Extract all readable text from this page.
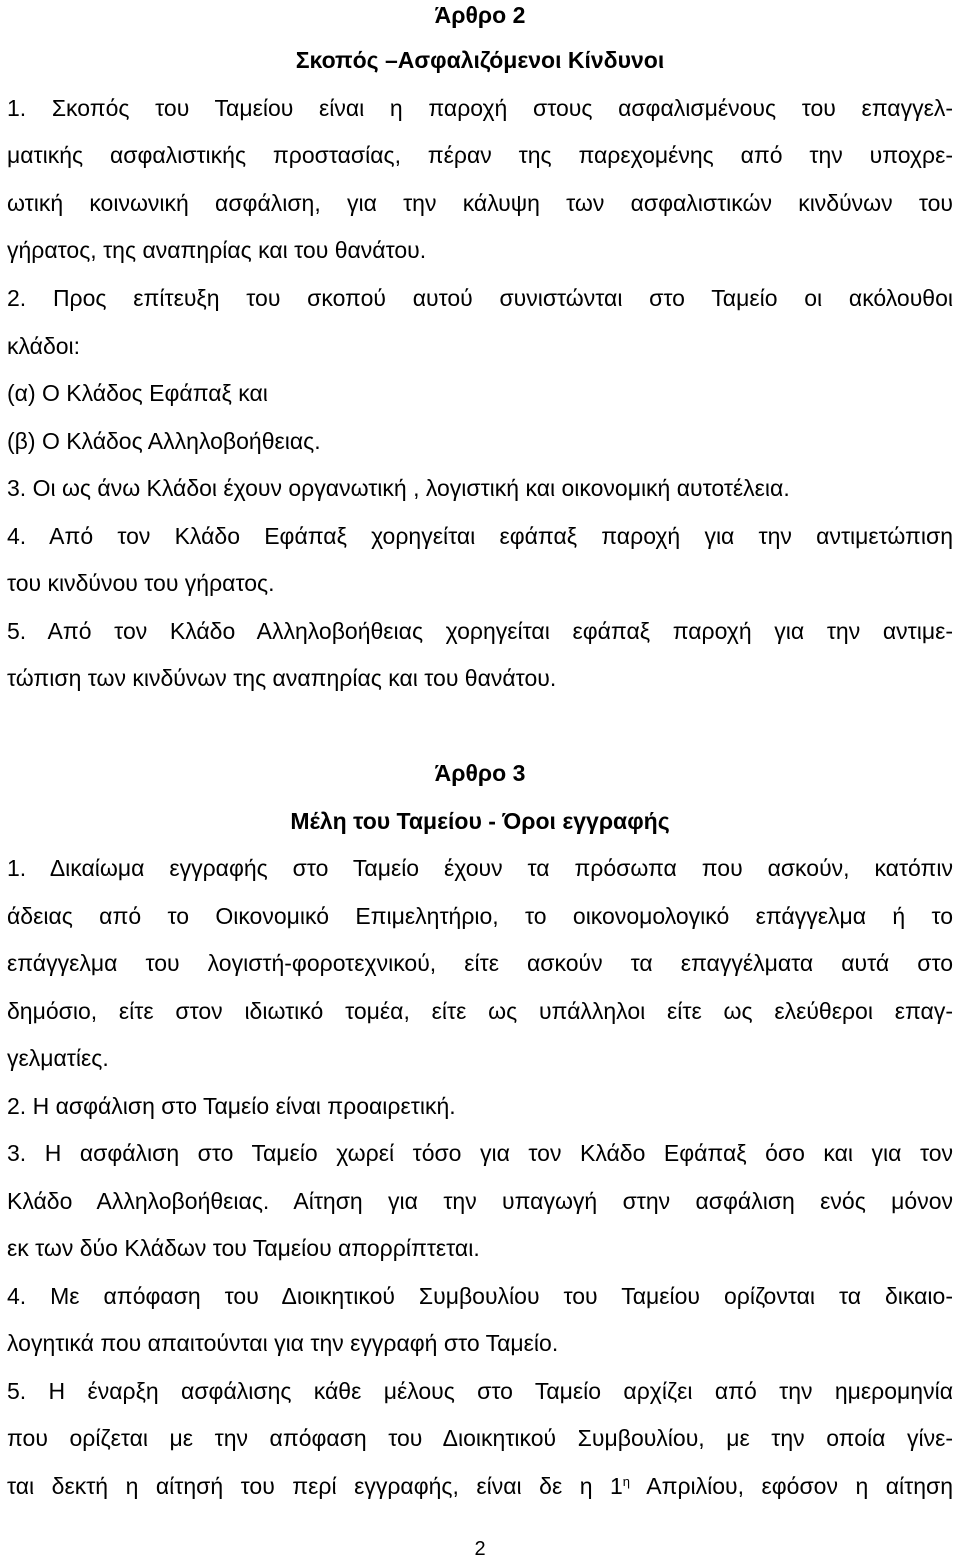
Άρθρο 2
Σκοπός –Ασφαλιζόμενοι Κίνδυνοι
1. Σκοπός του Ταμείου είναι η παροχή στους ασφαλισμένους του επαγγελ-
ματικής ασφαλιστικής προστασίας, πέραν της παρεχομένης από την υποχρε-
ωτική κοινωνική ασφάλιση, για την κάλυψη των ασφαλιστικών κινδύνων του
γήρατος, της αναπηρίας και του θανάτου.
2. Προς επίτευξη του σκοπού αυτού συνιστώνται στο Ταμείο οι ακόλουθοι
κλάδοι:
(α) Ο Κλάδος Εφάπαξ και
(β) Ο Κλάδος Αλληλοβοήθειας.
3. Οι ως άνω Κλάδοι έχουν οργανωτική , λογιστική και οικονομική αυτοτέλεια.
4. Από τον Κλάδο Εφάπαξ χορηγείται εφάπαξ παροχή για την αντιμετώπιση
του κινδύνου του γήρατος.
5. Από τον Κλάδο Αλληλοβοήθειας χορηγείται εφάπαξ παροχή για την αντιμε-
τώπιση των κινδύνων της αναπηρίας και του θανάτου.
Άρθρο 3
Μέλη του Ταμείου - Όροι εγγραφής
1. Δικαίωμα εγγραφής στο Ταμείο έχουν τα πρόσωπα που ασκούν, κατόπιν
άδειας από το Οικονομικό Επιμελητήριο, το οικονομολογικό επάγγελμα ή το
επάγγελμα του λογιστή-φοροτεχνικού, είτε ασκούν τα επαγγέλματα αυτά στο
δημόσιο, είτε στον ιδιωτικό τομέα, είτε ως υπάλληλοι είτε ως ελεύθεροι επαγ-
γελματίες.
2. Η ασφάλιση στο Ταμείο είναι προαιρετική.
3. Η ασφάλιση στο Ταμείο χωρεί τόσο για τον Κλάδο Εφάπαξ όσο και για τον
Κλάδο Αλληλοβοήθειας. Αίτηση για την υπαγωγή στην ασφάλιση ενός μόνον
εκ των δύο Κλάδων του Ταμείου απορρίπτεται.
4. Με απόφαση του Διοικητικού Συμβουλίου του Ταμείου ορίζονται τα δικαιο-
λογητικά που απαιτούνται για την εγγραφή στο Ταμείο.
5. Η έναρξη ασφάλισης κάθε μέλους στο Ταμείο αρχίζει από την ημερομηνία
που ορίζεται με την απόφαση του Διοικητικού Συμβουλίου, με την οποία γίνε-
ται δεκτή η αίτησή του περί εγγραφής, είναι δε η $1^\eta$ Απριλίου, εφόσον η αίτηση
2
